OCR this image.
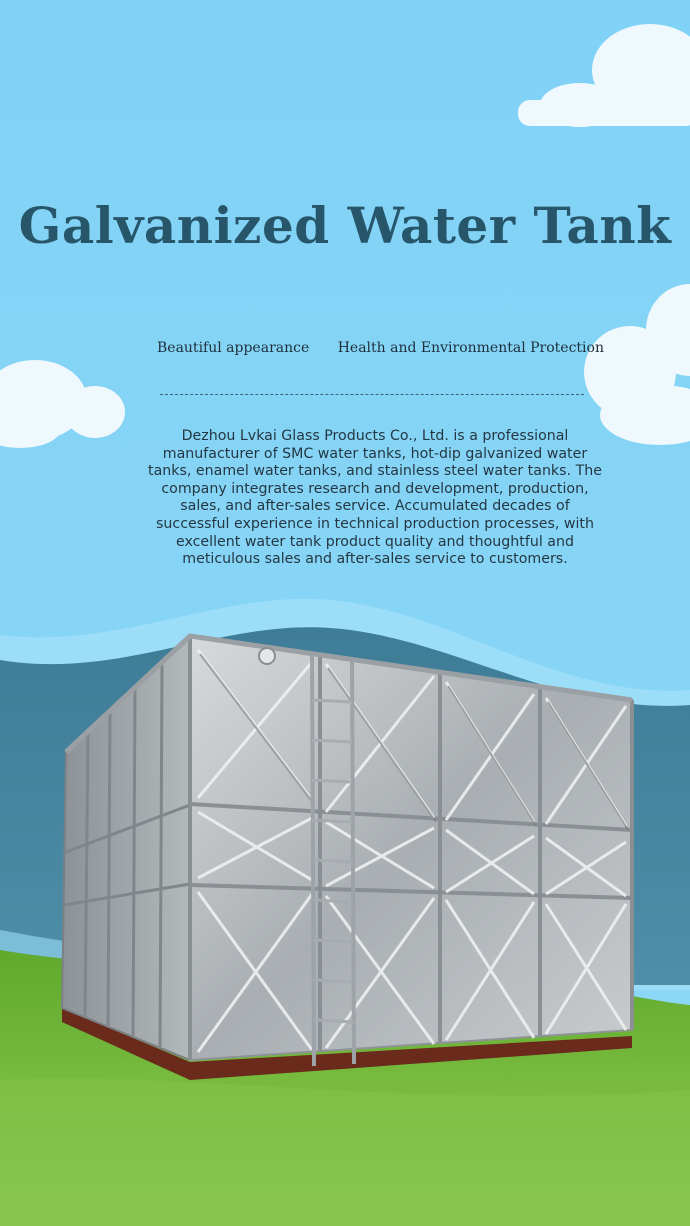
Galvanized Water Tank
Beautiful appearance Health and Environmental Protection

Dezhou Lvkai Glass Products Co., Ltd. is a professional manufacturer of SMC water tanks, hot-dip galvanized water tanks, enamel water tanks, and stainless steel water tanks. The company integrates research and development, production, sales, and after-sales service. Accumulated decades of successful experience in technical production processes, with excellent water tank product quality and thoughtful and meticulous sales and after-sales service to customers.
